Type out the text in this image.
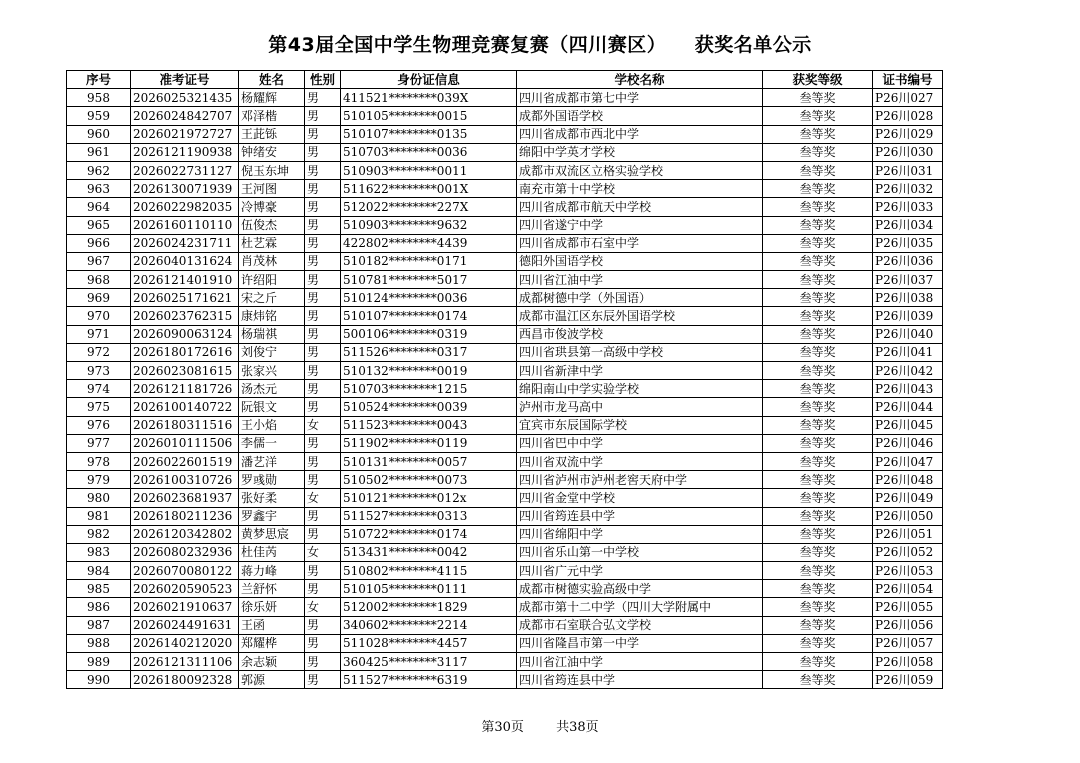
第43届全国中学生物理竞赛复赛（四川赛区）    获奖名单公示
序号	准考证号	姓名	性别	身份证信息	学校名称	获奖等级	证书编号
958	2026025321435	杨耀辉	男	411521********039X	四川省成都市第七中学	叁等奖	P26川027
959	2026024842707	邓泽楷	男	510105********0015	成都外国语学校	叁等奖	P26川028
960	2026021972727	王茈铄	男	510107********0135	四川省成都市西北中学	叁等奖	P26川029
961	2026121190938	钟绪安	男	510703********0036	绵阳中学英才学校	叁等奖	P26川030
962	2026022731127	倪玉东坤	男	510903********0011	成都市双流区立格实验学校	叁等奖	P26川031
963	2026130071939	王河图	男	511622********001X	南充市第十中学校	叁等奖	P26川032
964	2026022982035	冷博豪	男	512022********227X	四川省成都市航天中学校	叁等奖	P26川033
965	2026160110110	伍俊杰	男	510903********9632	四川省遂宁中学	叁等奖	P26川034
966	2026024231711	杜艺霖	男	422802********4439	四川省成都市石室中学	叁等奖	P26川035
967	2026040131624	肖茂林	男	510182********0171	德阳外国语学校	叁等奖	P26川036
968	2026121401910	许绍阳	男	510781********5017	四川省江油中学	叁等奖	P26川037
969	2026025171621	宋之斤	男	510124********0036	成都树德中学（外国语）	叁等奖	P26川038
970	2026023762315	康炜铭	男	510107********0174	成都市温江区东辰外国语学校	叁等奖	P26川039
971	2026090063124	杨瑞祺	男	500106********0319	西昌市俊波学校	叁等奖	P26川040
972	2026180172616	刘俊宁	男	511526********0317	四川省珙县第一高级中学校	叁等奖	P26川041
973	2026023081615	张家兴	男	510132********0019	四川省新津中学	叁等奖	P26川042
974	2026121181726	汤杰元	男	510703********1215	绵阳南山中学实验学校	叁等奖	P26川043
975	2026100140722	阮银文	男	510524********0039	泸州市龙马高中	叁等奖	P26川044
976	2026180311516	王小焰	女	511523********0043	宜宾市东辰国际学校	叁等奖	P26川045
977	2026010111506	李儒一	男	511902********0119	四川省巴中中学	叁等奖	P26川046
978	2026022601519	潘艺洋	男	510131********0057	四川省双流中学	叁等奖	P26川047
979	2026100310726	罗彧勋	男	510502********0073	四川省泸州市泸州老窖天府中学	叁等奖	P26川048
980	2026023681937	张好柔	女	510121********012x	四川省金堂中学校	叁等奖	P26川049
981	2026180211236	罗鑫宇	男	511527********0313	四川省筠连县中学	叁等奖	P26川050
982	2026120342802	黄梦思宸	男	510722********0174	四川省绵阳中学	叁等奖	P26川051
983	2026080232936	杜佳芮	女	513431********0042	四川省乐山第一中学校	叁等奖	P26川052
984	2026070080122	蒋力峰	男	510802********4115	四川省广元中学	叁等奖	P26川053
985	2026020590523	兰舒怀	男	510105********0111	成都市树德实验高级中学	叁等奖	P26川054
986	2026021910637	徐乐妍	女	512002********1829	成都市第十二中学（四川大学附属中	叁等奖	P26川055
987	2026024491631	王函	男	340602********2214	成都市石室联合弘文学校	叁等奖	P26川056
988	2026140212020	郑耀桦	男	511028********4457	四川省隆昌市第一中学	叁等奖	P26川057
989	2026121311106	余志颖	男	360425********3117	四川省江油中学	叁等奖	P26川058
990	2026180092328	郭源	男	511527********6319	四川省筠连县中学	叁等奖	P26川059
第30页 共38页
